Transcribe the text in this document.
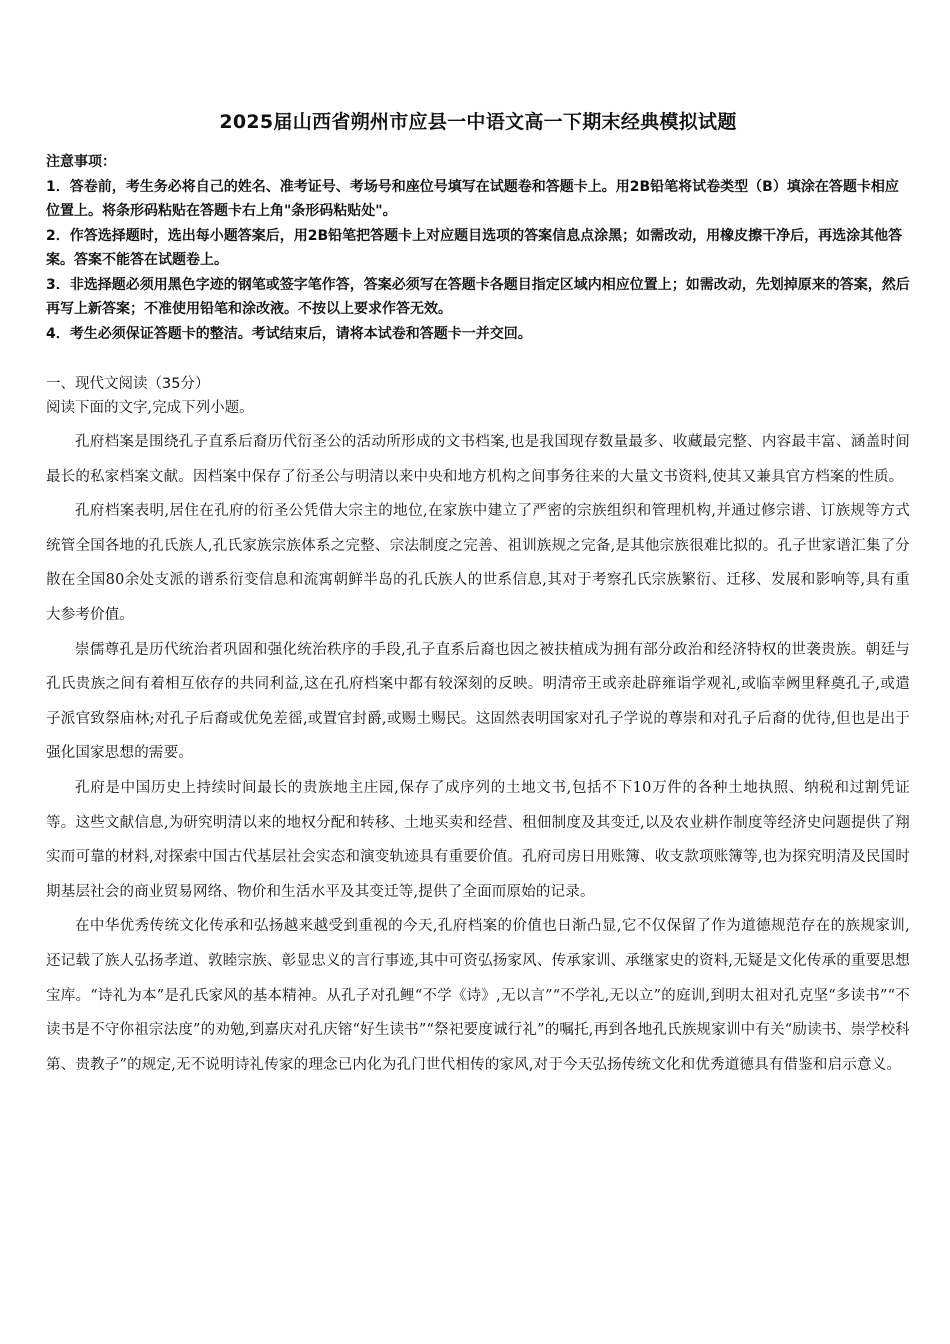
2025届山西省朔州市应县一中语文高一下期末经典模拟试题

注意事项：

1．答卷前，考生务必将自己的姓名、准考证号、考场号和座位号填写在试题卷和答题卡上。用2B铅笔将试卷类型（B）填涂在答题卡相应位置上。将条形码粘贴在答题卡右上角"条形码粘贴处"。

2．作答选择题时，选出每小题答案后，用2B铅笔把答题卡上对应题目选项的答案信息点涂黑；如需改动，用橡皮擦干净后，再选涂其他答案。答案不能答在试题卷上。

3．非选择题必须用黑色字迹的钢笔或签字笔作答，答案必须写在答题卡各题目指定区域内相应位置上；如需改动，先划掉原来的答案，然后再写上新答案；不准使用铅笔和涂改液。不按以上要求作答无效。

4．考生必须保证答题卡的整洁。考试结束后，请将本试卷和答题卡一并交回。

一、现代文阅读（35分）
阅读下面的文字,完成下列小题。

孔府档案是围绕孔子直系后裔历代衍圣公的活动所形成的文书档案,也是我国现存数量最多、收藏最完整、内容最丰富、涵盖时间最长的私家档案文献。因档案中保存了衍圣公与明清以来中央和地方机构之间事务往来的大量文书资料,使其又兼具官方档案的性质。

孔府档案表明,居住在孔府的衍圣公凭借大宗主的地位,在家族中建立了严密的宗族组织和管理机构,并通过修宗谱、订族规等方式统管全国各地的孔氏族人,孔氏家族宗族体系之完整、宗法制度之完善、祖训族规之完备,是其他宗族很难比拟的。孔子世家谱汇集了分散在全国80余处支派的谱系衍变信息和流寓朝鲜半岛的孔氏族人的世系信息,其对于考察孔氏宗族繁衍、迁移、发展和影响等,具有重大参考价值。

崇儒尊孔是历代统治者巩固和强化统治秩序的手段,孔子直系后裔也因之被扶植成为拥有部分政治和经济特权的世袭贵族。朝廷与孔氏贵族之间有着相互依存的共同利益,这在孔府档案中都有较深刻的反映。明清帝王或亲赴辟雍诣学观礼,或临幸阙里释奠孔子,或遣子派官致祭庙林;对孔子后裔或优免差徭,或置官封爵,或赐土赐民。这固然表明国家对孔子学说的尊崇和对孔子后裔的优待,但也是出于强化国家思想的需要。

孔府是中国历史上持续时间最长的贵族地主庄园,保存了成序列的土地文书,包括不下10万件的各种土地执照、纳税和过割凭证等。这些文献信息,为研究明清以来的地权分配和转移、土地买卖和经营、租佃制度及其变迁,以及农业耕作制度等经济史问题提供了翔实而可靠的材料,对探索中国古代基层社会实态和演变轨迹具有重要价值。孔府司房日用账簿、收支款项账簿等,也为探究明清及民国时期基层社会的商业贸易网络、物价和生活水平及其变迁等,提供了全面而原始的记录。

在中华优秀传统文化传承和弘扬越来越受到重视的今天,孔府档案的价值也日渐凸显,它不仅保留了作为道德规范存在的族规家训,还记载了族人弘扬孝道、敦睦宗族、彰显忠义的言行事迹,其中可资弘扬家风、传承家训、承继家史的资料,无疑是文化传承的重要思想宝库。“诗礼为本”是孔氏家风的基本精神。从孔子对孔鲤“不学《诗》,无以言”“不学礼,无以立”的庭训,到明太祖对孔克坚“多读书”“不读书是不守你祖宗法度”的劝勉,到嘉庆对孔庆镕“好生读书”“祭祀要度诚行礼”的嘱托,再到各地孔氏族规家训中有关“励读书、崇学校科第、贵教子”的规定,无不说明诗礼传家的理念已内化为孔门世代相传的家风,对于今天弘扬传统文化和优秀道德具有借鉴和启示意义。
